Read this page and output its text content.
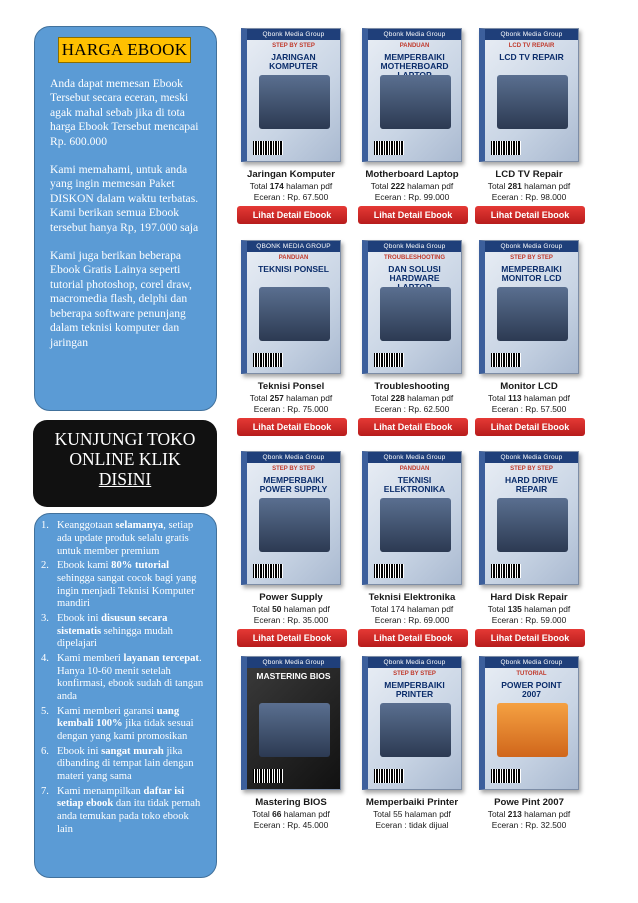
HARGA EBOOK

Anda dapat memesan Ebook Tersebut secara eceran, meski agak mahal sebab jika di tota harga Ebook Tersebut mencapai Rp. 600.000

Kami memahami, untuk anda yang ingin memesan Paket DISKON dalam waktu terbatas. Kami berikan semua Ebook tersebut hanya Rp, 197.000 saja

Kami juga berikan beberapa Ebook Gratis Lainya seperti tutorial photoshop, corel draw, macromedia flash, delphi dan beberapa software penunjang dalam teknisi komputer dan jaringan

KUNJUNGI TOKO
ONLINE KLIK
DISINI
1. Keanggotaan selamanya, setiap ada update produk selalu gratis untuk member premium
2. Ebook kami 80% tutorial sehingga sangat cocok bagi yang ingin menjadi Teknisi Komputer mandiri
3. Ebook ini disusun secara sistematis sehingga mudah dipelajari
4. Kami memberi layanan tercepat. Hanya 10-60 menit setelah konfirmasi, ebook sudah di tangan anda
5. Kami memberi garansi uang kembali 100% jika tidak sesuai dengan yang kami promosikan
6. Ebook ini sangat murah jika dibanding di tempat lain dengan materi yang sama
7. Kami menampilkan daftar isi setiap ebook dan itu tidak pernah anda temukan pada toko ebook lain
Qbonk Media Group
STEP BY STEP
JARINGAN KOMPUTER
Jaringan Komputer
Total 174 halaman pdf
Eceran : Rp. 67.500
Lihat Detail Ebook
Qbonk Media Group
PANDUAN
MEMPERBAIKI MOTHERBOARD
Motherboard Laptop
Total 222 halaman pdf
Eceran : Rp. 99.000
Lihat Detail Ebook
Qbonk Media Group
LCD TV REPAIR
LCD TV REPAIR
LCD TV Repair
Total 281 halaman pdf
Eceran : Rp. 98.000
Lihat Detail Ebook
QBONK MEDIA GROUP
PANDUAN
TEKNISI PONSEL
Teknisi Ponsel
Total 257 halaman pdf
Eceran : Rp. 75.000
Lihat Detail Ebook
Qbonk Media Group
TROUBLESHOOTING
DAN SOLUSI HARDWARE
Troubleshooting
Total 228 halaman pdf
Eceran : Rp. 62.500
Lihat Detail Ebook
Qbonk Media Group
STEP BY STEP
MEMPERBAIKI MONITOR LCD
Monitor LCD
Total 113 halaman pdf
Eceran : Rp. 57.500
Lihat Detail Ebook
Qbonk Media Group
STEP BY STEP
MEMPERBAIKI POWER SUPPLY
Power Supply
Total 50 halaman pdf
Eceran : Rp. 35.000
Lihat Detail Ebook
Qbonk Media Group
PANDUAN
TEKNISI ELEKTRONIKA
Teknisi Elektronika
Total 174 halaman pdf
Eceran : Rp. 69.000
Lihat Detail Ebook
Qbonk Media Group
STEP BY STEP
HARD DRIVE REPAIR
Hard Disk Repair
Total 135 halaman pdf
Eceran : Rp. 59.000
Lihat Detail Ebook
Qbonk Media Group
MASTERING BIOS
Mastering BIOS
Total 66 halaman pdf
Eceran : Rp. 45.000
Qbonk Media Group
STEP BY STEP
MEMPERBAIKI PRINTER
Memperbaiki Printer
Total 55 halaman pdf
Eceran : tidak dijual
Qbonk Media Group
TUTORIAL
POWER POINT 2007
Powe Pint 2007
Total 213 halaman pdf
Eceran : Rp. 32.500
